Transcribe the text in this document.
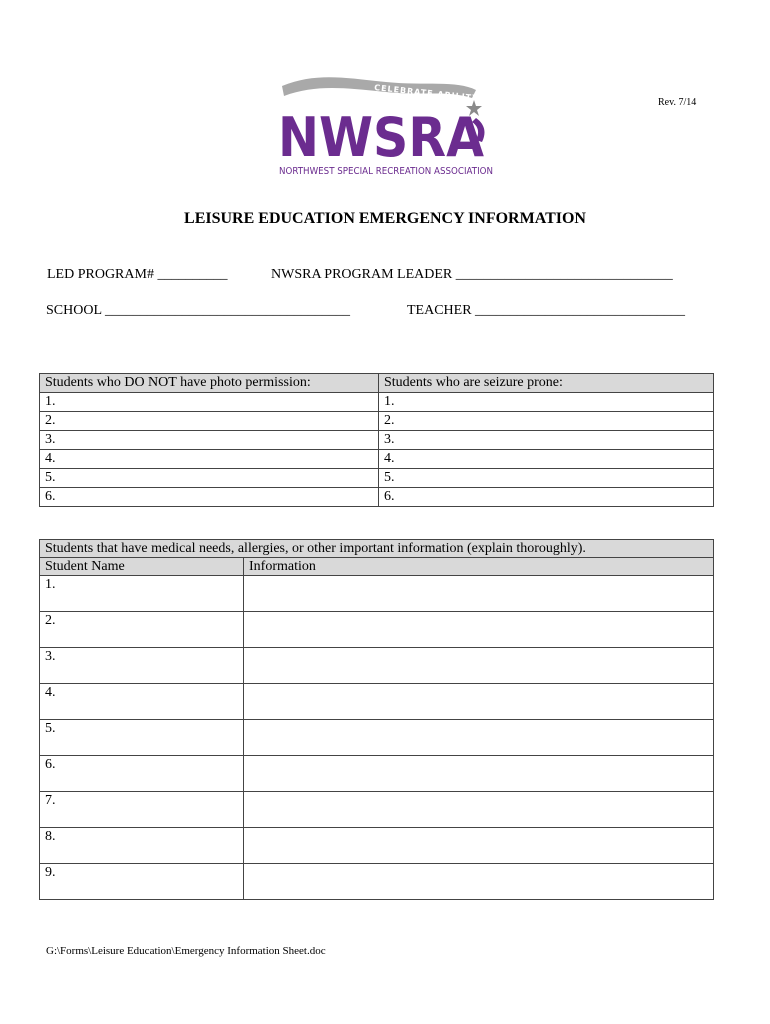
CELEBRATE ABILITY
NWSRA
NORTHWEST SPECIAL RECREATION ASSOCIATION
Rev. 7/14
LEISURE EDUCATION EMERGENCY INFORMATION
LED PROGRAM# __________	NWSRA PROGRAM LEADER _______________________________
SCHOOL ___________________________________	TEACHER ______________________________
Students who DO NOT have photo permission:	Students who are seizure prone:
1.	1.
2.	2.
3.	3.
4.	4.
5.	5.
6.	6.
Students that have medical needs, allergies, or other important information (explain thoroughly).	
Student Name	Information
1.	
2.	
3.	
4.	
5.	
6.	
7.	
8.	
9.	
G:\Forms\Leisure Education\Emergency Information Sheet.doc
